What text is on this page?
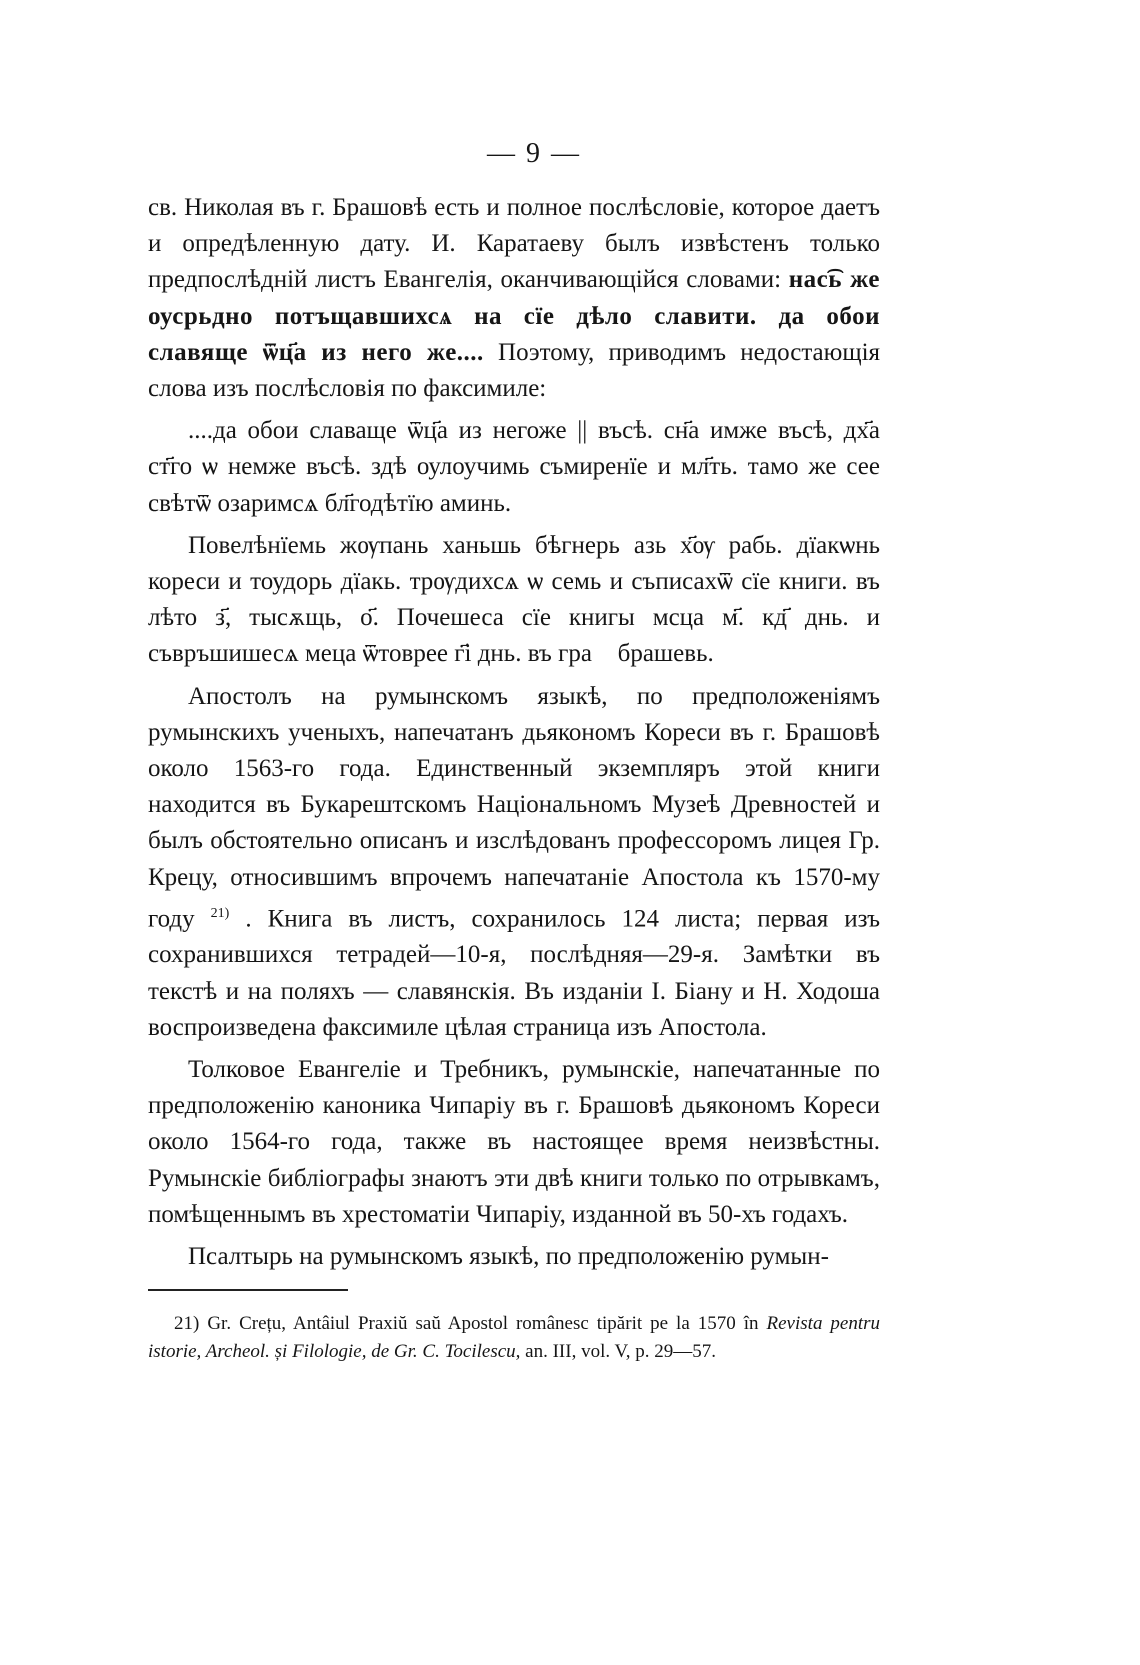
— 9 —

св. Николая въ г. Брашовѣ есть и полное послѣсловіе, которое даетъ и опредѣленную дату. И. Каратаеву былъ извѣстенъ только предпослѣдній листъ Евангелія, оканчивающійся словами: нас͡ь же оусрьдно потъщавшихсѧ на сїе дѣло славити. да обои славяще ѿц҃а из него же.... Поэтому, приводимъ недостающія слова изъ послѣсловія по факсимиле:

....да обои славаще ѿц҃а из негоже || въсѣ. сн҃а имже въсѣ, дх҃а ст҃го ѡ немже въсѣ. здѣ оулоучимь съмиренїе и мл҃ть. тамо же сее свѣтѿ озаримсѧ бл҃годѣтїю аминь.

Повелѣнїемь жѹпань ханьшь бѣгнерь азь х҃ѹ рабь. дїакѡнь кореси и тоудорь дїакь. трѹдихсѧ ѡ семь и съписахѿ сїе книги. въ лѣто з҃, тысѫщь, о҃. Почешеса сїе книгы мсца м҃. кд҃ днь. и съвръшишесѧ меца ѿтоврее г҃і днь. въ граⷣ брашевь.

Апостолъ на румынскомъ языкѣ, по предположеніямъ румынскихъ ученыхъ, напечатанъ дьякономъ Кореси въ г. Брашовѣ около 1563-го года. Единственный экземпляръ этой книги находится въ Букарештскомъ Національномъ Музеѣ Древностей и былъ обстоятельно описанъ и изслѣдованъ профессоромъ лицея Гр. Крецу, относившимъ впрочемъ напечатаніе Апостола къ 1570-му году $^{21)}$ . Книга въ листъ, сохранилось 124 листа; первая изъ сохранившихся тетрадей—10-я, послѣдняя—29-я. Замѣтки въ текстѣ и на поляхъ — славянскія. Въ изданіи І. Біану и Н. Ходоша воспроизведена факсимиле цѣлая страница изъ Апостола.

Толковое Евангеліе и Требникъ, румынскіе, напечатанные по предположенію каноника Чипаріу въ г. Брашовѣ дьякономъ Кореси около 1564-го года, также въ настоящее время неизвѣстны. Румынскіе библіографы знаютъ эти двѣ книги только по отрывкамъ, помѣщеннымъ въ хрестоматіи Чипаріу, изданной въ 50-хъ годахъ.

Псалтырь на румынскомъ языкѣ, по предположенію румын-

21) Gr. Crețu, Antâiul Praxiŭ saŭ Apostol românesc tipărit pe la 1570 în Revista pentru istorie, Archeol. și Filologie, de Gr. C. Tocilescu, an. III, vol. V, p. 29—57.
